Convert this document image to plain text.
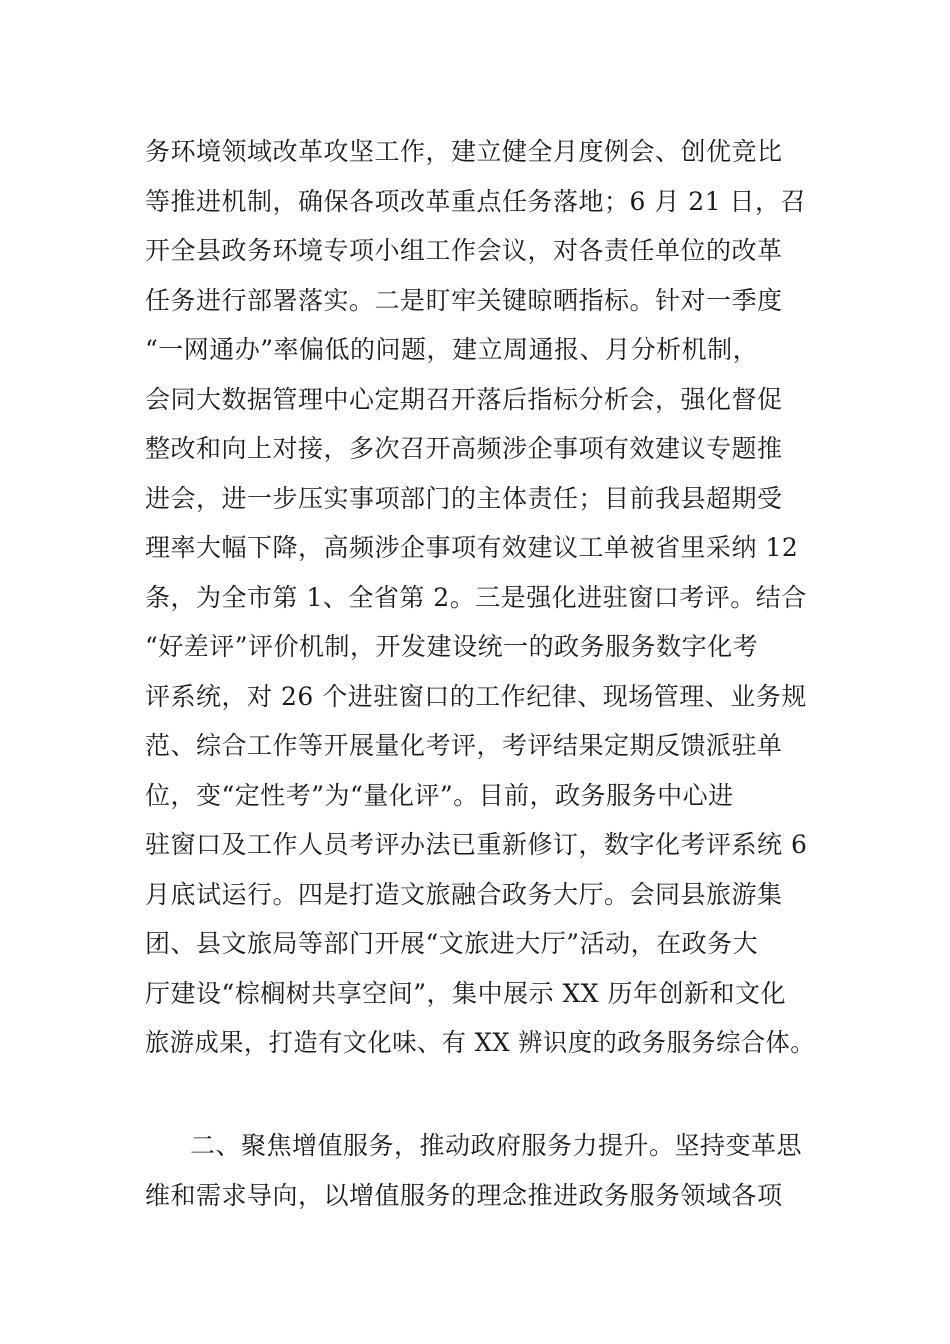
务环境领域改革攻坚工作，建立健全月度例会、创优竞比
等推进机制，确保各项改革重点任务落地；6 月 21 日，召
开全县政务环境专项小组工作会议，对各责任单位的改革
任务进行部署落实。二是盯牢关键晾晒指标。针对一季度
“一网通办”率偏低的问题，建立周通报、月分析机制，
会同大数据管理中心定期召开落后指标分析会，强化督促
整改和向上对接，多次召开高频涉企事项有效建议专题推
进会，进一步压实事项部门的主体责任；目前我县超期受
理率大幅下降，高频涉企事项有效建议工单被省里采纳 12
条，为全市第 1、全省第 2。三是强化进驻窗口考评。结合
“好差评”评价机制，开发建设统一的政务服务数字化考
评系统，对 26 个进驻窗口的工作纪律、现场管理、业务规
范、综合工作等开展量化考评，考评结果定期反馈派驻单
位，变“定性考”为“量化评”。目前，政务服务中心进
驻窗口及工作人员考评办法已重新修订，数字化考评系统 6
月底试运行。四是打造文旅融合政务大厅。会同县旅游集
团、县文旅局等部门开展“文旅进大厅”活动，在政务大
厅建设“棕榈树共享空间”，集中展示 XX 历年创新和文化
旅游成果，打造有文化味、有 XX 辨识度的政务服务综合体。
二、聚焦增值服务，推动政府服务力提升。坚持变革思
维和需求导向，以增值服务的理念推进政务服务领域各项
